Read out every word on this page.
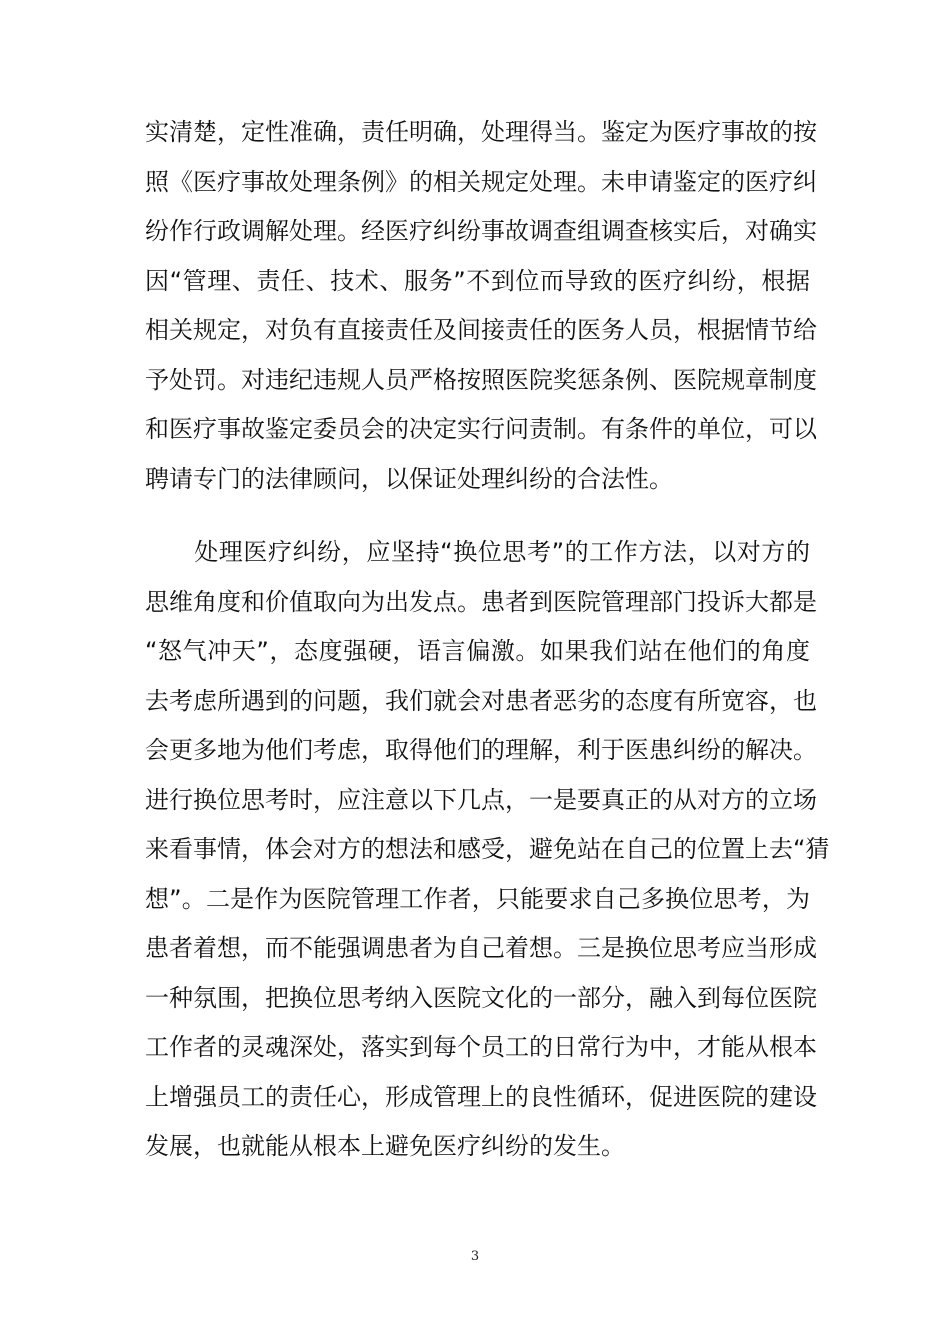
实清楚，定性准确，责任明确，处理得当。鉴定为医疗事故的按
照《医疗事故处理条例》的相关规定处理。未申请鉴定的医疗纠
纷作行政调解处理。经医疗纠纷事故调查组调查核实后，对确实
因“管理、责任、技术、服务”不到位而导致的医疗纠纷，根据
相关规定，对负有直接责任及间接责任的医务人员，根据情节给
予处罚。对违纪违规人员严格按照医院奖惩条例、医院规章制度
和医疗事故鉴定委员会的决定实行问责制。有条件的单位，可以
聘请专门的法律顾问，以保证处理纠纷的合法性。
　　处理医疗纠纷，应坚持“换位思考”的工作方法，以对方的
思维角度和价值取向为出发点。患者到医院管理部门投诉大都是
“怒气冲天”，态度强硬，语言偏激。如果我们站在他们的角度
去考虑所遇到的问题，我们就会对患者恶劣的态度有所宽容，也
会更多地为他们考虑，取得他们的理解，利于医患纠纷的解决。
进行换位思考时，应注意以下几点，一是要真正的从对方的立场
来看事情，体会对方的想法和感受，避免站在自己的位置上去“猜
想”。二是作为医院管理工作者，只能要求自己多换位思考，为
患者着想，而不能强调患者为自己着想。三是换位思考应当形成
一种氛围，把换位思考纳入医院文化的一部分，融入到每位医院
工作者的灵魂深处，落实到每个员工的日常行为中，才能从根本
上增强员工的责任心，形成管理上的良性循环，促进医院的建设
发展，也就能从根本上避免医疗纠纷的发生。
3
